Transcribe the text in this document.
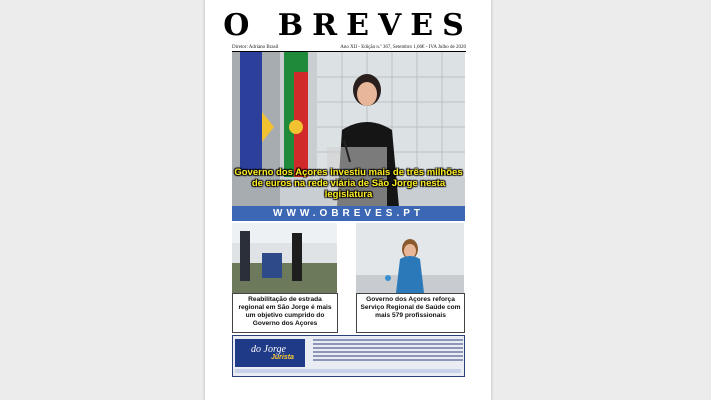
O BREVES
Diretor: Adriano Brasil	Ano XII - Edição n.º 367, Setembro 1,66€ - IVA Julho de 2020
Governo dos Açores investiu mais de três milhões de euros na rede viária de São Jorge nesta legislatura
WWW.OBREVES.PT
Reabilitação de estrada regional em São Jorge é mais um objetivo cumprido do Governo dos Açores
Governo dos Açores reforça Serviço Regional de Saúde com mais 579 profissionais
do Jorge
Jurista
